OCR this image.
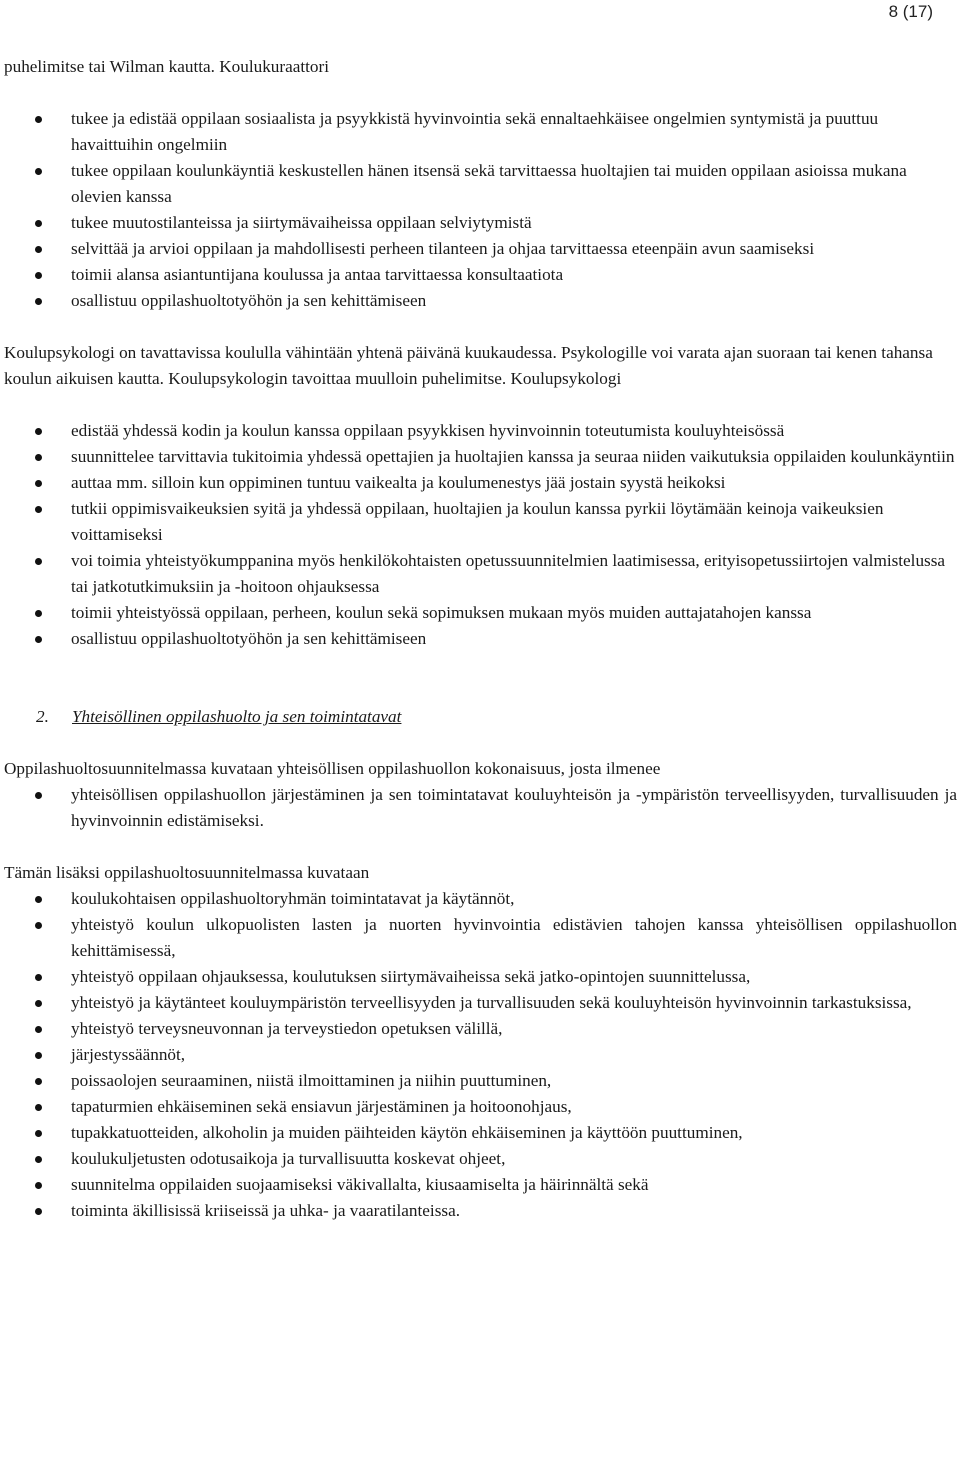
8 (17)

puhelimitse tai Wilman kautta. Koulukuraattori

tukee ja edistää oppilaan sosiaalista ja psyykkistä hyvinvointia sekä ennaltaehkäisee ongelmien syntymistä ja puuttuu havaittuihin ongelmiin
tukee oppilaan koulunkäyntiä keskustellen hänen itsensä sekä tarvittaessa huoltajien tai muiden oppilaan asioissa mukana olevien kanssa
tukee muutostilanteissa ja siirtymävaiheissa oppilaan selviytymistä
selvittää ja arvioi oppilaan ja mahdollisesti perheen tilanteen ja ohjaa tarvittaessa eteenpäin avun saamiseksi
toimii alansa asiantuntijana koulussa ja antaa tarvittaessa konsultaatiota
osallistuu oppilashuoltotyöhön ja sen kehittämiseen

Koulupsykologi on tavattavissa koululla vähintään yhtenä päivänä kuukaudessa. Psykologille voi varata ajan suoraan tai kenen tahansa koulun aikuisen kautta. Koulupsykologin tavoittaa muulloin puhelimitse. Koulupsykologi

edistää yhdessä kodin ja koulun kanssa oppilaan psyykkisen hyvinvoinnin toteutumista kouluyhteisössä
suunnittelee tarvittavia tukitoimia yhdessä opettajien ja huoltajien kanssa ja seuraa niiden vaikutuksia oppilaiden koulunkäyntiin
auttaa mm. silloin kun oppiminen tuntuu vaikealta ja koulumenestys jää jostain syystä heikoksi
tutkii oppimisvaikeuksien syitä ja yhdessä oppilaan, huoltajien ja koulun kanssa pyrkii löytämään keinoja vaikeuksien voittamiseksi
voi toimia yhteistyökumppanina myös henkilökohtaisten opetussuunnitelmien laatimisessa, erityisopetussiirtojen valmistelussa tai jatkotutkimuksiin ja -hoitoon ohjauksessa
toimii yhteistyössä oppilaan, perheen, koulun sekä sopimuksen mukaan myös muiden auttajatahojen kanssa
osallistuu oppilashuoltotyöhön ja sen kehittämiseen

2. Yhteisöllinen oppilashuolto ja sen toimintatavat

Oppilashuoltosuunnitelmassa kuvataan yhteisöllisen oppilashuollon kokonaisuus, josta ilmenee

yhteisöllisen oppilashuollon järjestäminen ja sen toimintatavat kouluyhteisön ja -ympäristön terveellisyyden, turvallisuuden ja hyvinvoinnin edistämiseksi.

Tämän lisäksi oppilashuoltosuunnitelmassa kuvataan

koulukohtaisen oppilashuoltoryhmän toimintatavat ja käytännöt,
yhteistyö koulun ulkopuolisten lasten ja nuorten hyvinvointia edistävien tahojen kanssa yhteisöllisen oppilashuollon kehittämisessä,
yhteistyö oppilaan ohjauksessa, koulutuksen siirtymävaiheissa sekä jatko-opintojen suunnittelussa,
yhteistyö ja käytänteet kouluympäristön terveellisyyden ja turvallisuuden sekä kouluyhteisön hyvinvoinnin tarkastuksissa,
yhteistyö terveysneuvonnan ja terveystiedon opetuksen välillä,
järjestyssäännöt,
poissaolojen seuraaminen, niistä ilmoittaminen ja niihin puuttuminen,
tapaturmien ehkäiseminen sekä ensiavun järjestäminen ja hoitoonohjaus,
tupakkatuotteiden, alkoholin ja muiden päihteiden käytön ehkäiseminen ja käyttöön puuttuminen,
koulukuljetusten odotusaikoja ja turvallisuutta koskevat ohjeet,
suunnitelma oppilaiden suojaamiseksi väkivallalta, kiusaamiselta ja häirinnältä sekä
toiminta äkillisissä kriiseissä ja uhka- ja vaaratilanteissa.
